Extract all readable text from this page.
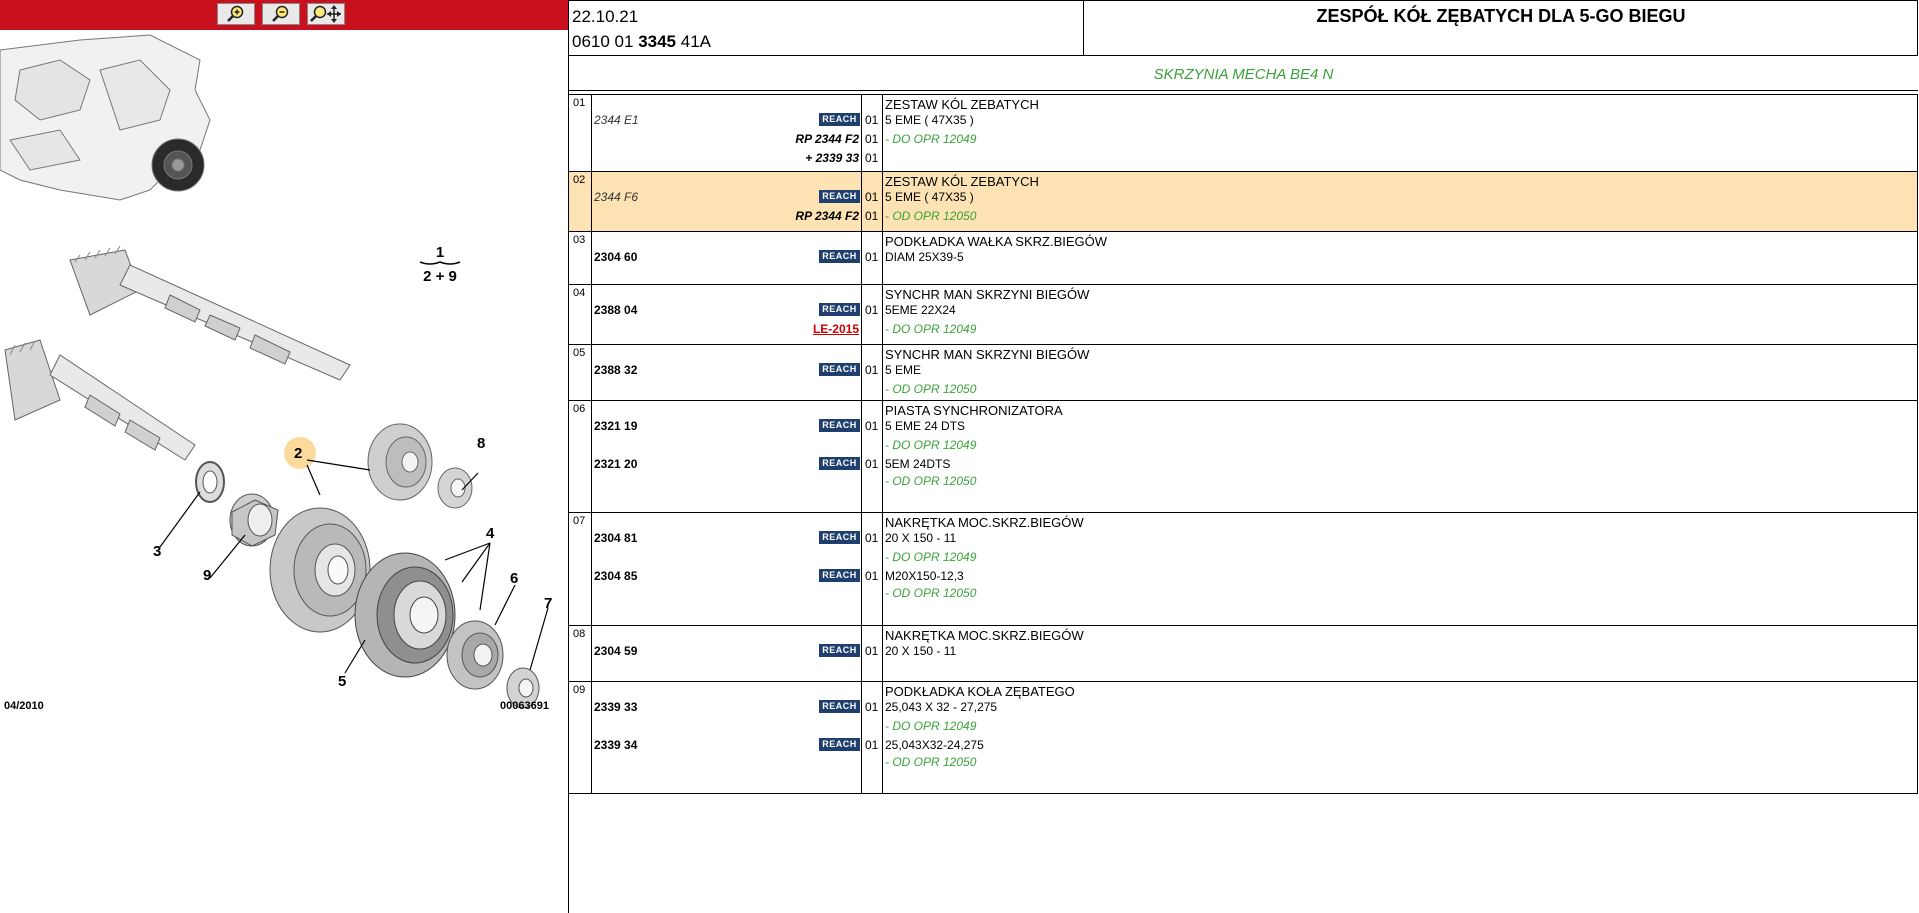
1
2 + 9
2
3
4
5
6
7
8
9
04/2010	00063691
22.10.21
0610 01 3345 41A
ZESPÓŁ KÓŁ ZĘBATYCH DLA 5-GO BIEGU
SKRZYNIA MECHA BE4 N
01	ZESTAW KÓL ZEBATYCH
2344 E1	REACH 01 5 EME ( 47X35 )
RP 2344 F2 01 - DO OPR 12049
+ 2339 33 01
02	ZESTAW KÓL ZEBATYCH
2344 F6	REACH 01 5 EME ( 47X35 )
RP 2344 F2 01 - OD OPR 12050
03	PODKŁADKA WAŁKA SKRZ.BIEGÓW
2304 60	REACH 01 DIAM 25X39-5
04	SYNCHR MAN SKRZYNI BIEGÓW
2388 04	REACH 01 5EME 22X24
LE-2015 - DO OPR 12049
05	SYNCHR MAN SKRZYNI BIEGÓW
2388 32	REACH 01 5 EME
- OD OPR 12050
06	PIASTA SYNCHRONIZATORA
2321 19	REACH 01 5 EME 24 DTS
- DO OPR 12049
2321 20	REACH 01 5EM 24DTS
- OD OPR 12050
07	NAKRĘTKA MOC.SKRZ.BIEGÓW
2304 81	REACH 01 20 X 150 - 11
- DO OPR 12049
2304 85	REACH 01 M20X150-12,3
- OD OPR 12050
08	NAKRĘTKA MOC.SKRZ.BIEGÓW
2304 59	REACH 01 20 X 150 - 11
09	PODKŁADKA KOŁA ZĘBATEGO
2339 33	REACH 01 25,043 X 32 - 27,275
- DO OPR 12049
2339 34	REACH 01 25,043X32-24,275
- OD OPR 12050
